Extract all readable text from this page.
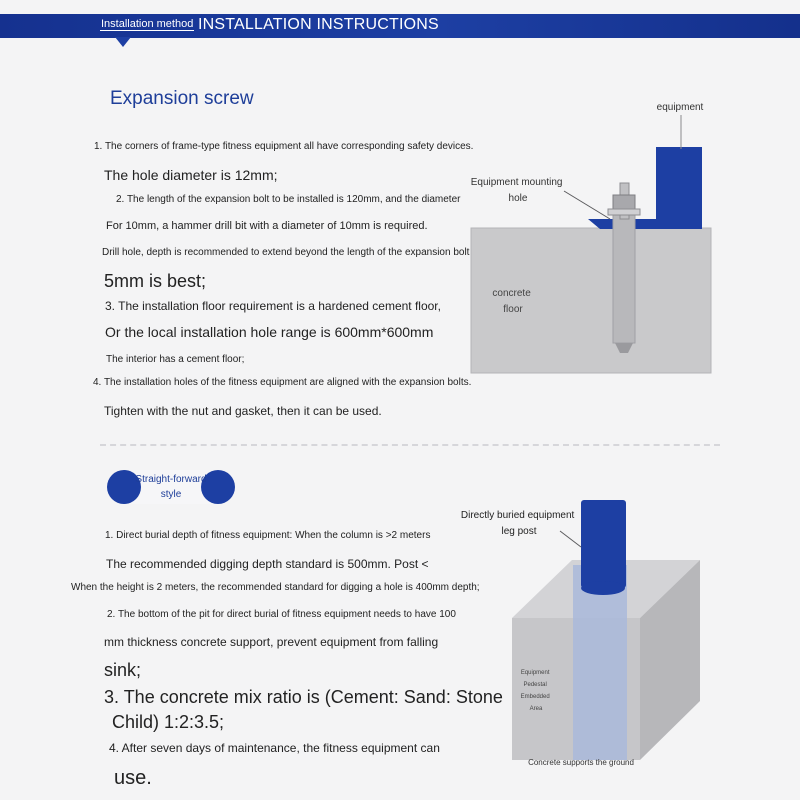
Installation method INSTALLATION INSTRUCTIONS
Expansion screw
1. The corners of frame-type fitness equipment all have corresponding safety devices.
The hole diameter is 12mm;
2. The length of the expansion bolt to be installed is 120mm, and the diameter
For 10mm, a hammer drill bit with a diameter of 10mm is required.
Drill hole, depth is recommended to extend beyond the length of the expansion bolt
5mm is best;
3. The installation floor requirement is a hardened cement floor,
Or the local installation hole range is 600mm*600mm
The interior has a cement floor;
4. The installation holes of the fitness equipment are aligned with the expansion bolts.
Tighten with the nut and gasket, then it can be used.
equipment
Equipment mounting hole
concrete floor
Straight-forward
style
1. Direct burial depth of fitness equipment: When the column is >2 meters
The recommended digging depth standard is 500mm. Post <
When the height is 2 meters, the recommended standard for digging a hole is 400mm depth;
2. The bottom of the pit for direct burial of fitness equipment needs to have 100
mm thickness concrete support, prevent equipment from falling
sink;
3. The concrete mix ratio is (Cement: Sand: Stone
Child) 1:2:3.5;
4. After seven days of maintenance, the fitness equipment can
use.
Directly buried equipment leg post
Equipment Pedestal Embedded Area
Concrete supports the ground
